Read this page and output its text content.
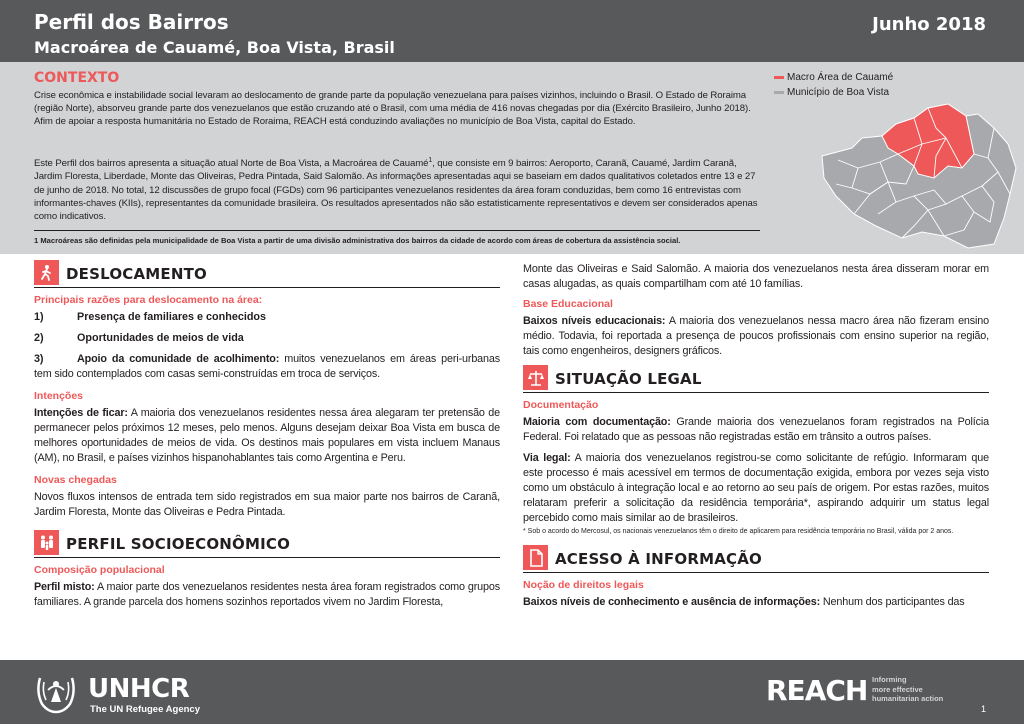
Perfil dos Bairros
Macroárea de Cauamé, Boa Vista, Brasil
Junho 2018
CONTEXTO
Crise econômica e instabilidade social levaram ao deslocamento de grande parte da população venezuelana para países vizinhos, incluindo o Brasil. O Estado de Roraima (região Norte), absorveu grande parte dos venezuelanos que estão cruzando até o Brasil, com uma média de 416 novas chegadas por dia (Exército Brasileiro, Junho 2018). Afim de apoiar a resposta humanitária no Estado de Roraima, REACH está conduzindo avaliações no município de Boa Vista, capital do Estado.
Este Perfil dos bairros apresenta a situação atual Norte de Boa Vista, a Macroárea de Cauamé$^1$, que consiste em 9 bairros: Aeroporto, Caranã, Cauamé, Jardim Caranã, Jardim Floresta, Liberdade, Monte das Oliveiras, Pedra Pintada, Said Salomão. As informações apresentadas aqui se baseiam em dados qualitativos coletados entre 13 e 27 de junho de 2018. No total, 12 discussões de grupo focal (FGDs) com 96 participantes venezuelanos residentes da área foram conduzidas, bem como 16 entrevistas com informantes-chaves (KIIs), representantes da comunidade brasileira. Os resultados apresentados não são estatisticamente representativos e devem ser considerados apenas como indicativos.
1 Macroáreas são definidas pela municipalidade de Boa Vista a partir de uma divisão administrativa dos bairros da cidade de acordo com áreas de cobertura da assistência social.
Macro Área de Cauamé
Município de Boa Vista
DESLOCAMENTO
Principais razões para deslocamento na área:
1)	Presença de familiares e conhecidos
2)	Oportunidades de meios de vida
3)	Apoio da comunidade de acolhimento: muitos venezuelanos em áreas peri-urbanas tem sido contemplados com casas semi-construídas em troca de serviços.
Intenções
Intenções de ficar: A maioria dos venezuelanos residentes nessa área alegaram ter pretensão de permanecer pelos próximos 12 meses, pelo menos. Alguns desejam deixar Boa Vista em busca de melhores oportunidades de meios de vida. Os destinos mais populares em vista incluem Manaus (AM), no Brasil, e países vizinhos hispanohablantes tais como Argentina e Peru.
Novas chegadas
Novos fluxos intensos de entrada tem sido registrados em sua maior parte nos bairros de Caranã, Jardim Floresta, Monte das Oliveiras e Pedra Pintada.
PERFIL SOCIOECONÔMICO
Composição populacional
Perfil misto: A maior parte dos venezuelanos residentes nesta área foram registrados como grupos familiares. A grande parcela dos homens sozinhos reportados vivem no Jardim Floresta,
Monte das Oliveiras e Said Salomão. A maioria dos venezuelanos nesta área disseram morar em casas alugadas, as quais compartilham com até 10 famílias.
Base Educacional
Baixos níveis educacionais: A maioria dos venezuelanos nessa macro área não fizeram ensino médio. Todavia, foi reportada a presença de poucos profissionais com ensino superior na região, tais como engenheiros, designers gráficos.
SITUAÇÃO LEGAL
Documentação
Maioria com documentação: Grande maioria dos venezuelanos foram registrados na Polícia Federal. Foi relatado que as pessoas não registradas estão em trânsito a outros países.
Via legal: A maioria dos venezuelanos registrou-se como solicitante de refúgio. Informaram que este processo é mais acessível em termos de documentação exigida, embora por vezes seja visto como um obstáculo à integração local e ao retorno ao seu país de origem. Por estas razões, muitos relataram preferir a solicitação da residência temporária*, aspirando adquirir um status legal percebido como mais similar ao de brasileiros.
* Sob o acordo do Mercosul, os nacionais venezuelanos têm o direito de aplicarem para residência temporária no Brasil, válida por 2 anos.
ACESSO À INFORMAÇÃO
Noção de direitos legais
Baixos níveis de conhecimento e ausência de informações: Nenhum dos participantes das
UNHCR
The UN Refugee Agency
REACH Informing
more effective
humanitarian action
1
